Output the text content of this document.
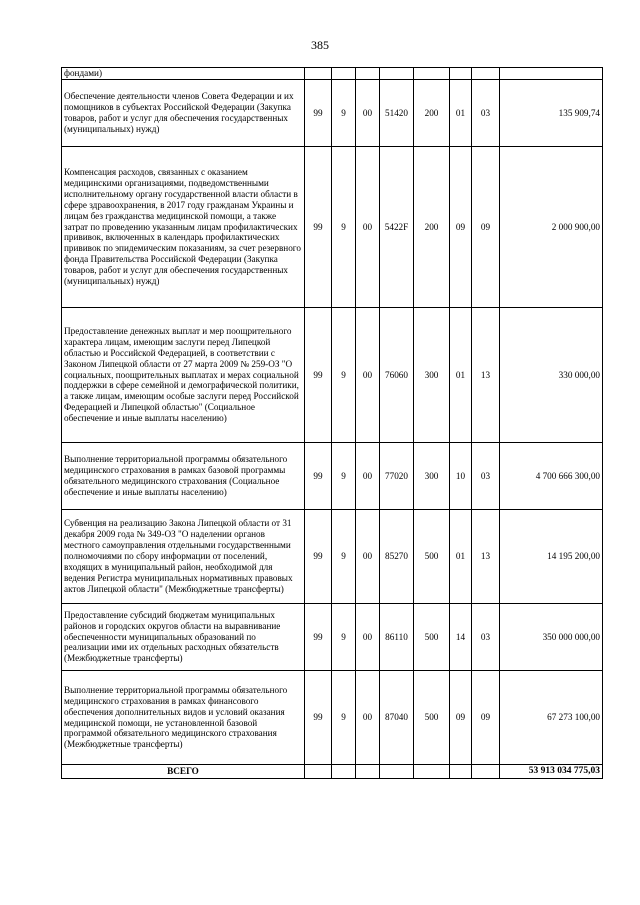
385
фондами)								
Обеспечение деятельности членов Совета Федерации и их помощников в субъектах Российской Федерации (Закупка товаров, работ и услуг для обеспечения государственных (муниципальных) нужд)	99	9	00	51420	200	01	03	135 909,74
Компенсация расходов, связанных с оказанием медицинскими организациями, подведомственными исполнительному органу государственной власти области в сфере здравоохранения, в 2017 году гражданам Украины и лицам без гражданства медицинской помощи, а также затрат по проведению указанным лицам профилактических прививок, включенных в календарь профилактических прививок по эпидемическим показаниям, за счет резервного фонда Правительства Российской Федерации (Закупка товаров, работ и услуг для обеспечения государственных (муниципальных) нужд)	99	9	00	5422F	200	09	09	2 000 900,00
Предоставление денежных выплат и мер поощрительного характера лицам, имеющим заслуги перед Липецкой областью и Российской Федерацией, в соответствии с Законом Липецкой области от 27 марта 2009 № 259-ОЗ "О социальных, поощрительных выплатах и мерах социальной поддержки в сфере семейной и демографической политики, а также лицам, имеющим особые заслуги перед Российской Федерацией и Липецкой областью" (Социальное обеспечение и иные выплаты населению)	99	9	00	76060	300	01	13	330 000,00
Выполнение территориальной программы обязательного медицинского страхования в рамках базовой программы обязательного медицинского страхования (Социальное обеспечение и иные выплаты населению)	99	9	00	77020	300	10	03	4 700 666 300,00
Субвенция на реализацию Закона Липецкой области от 31 декабря 2009 года № 349-ОЗ "О наделении органов местного самоуправления отдельными государственными полномочиями по сбору информации от поселений, входящих в муниципальный район, необходимой для ведения Регистра муниципальных нормативных правовых актов Липецкой области" (Межбюджетные трансферты)	99	9	00	85270	500	01	13	14 195 200,00
Предоставление субсидий бюджетам муниципальных районов и городских округов области на выравнивание обеспеченности муниципальных образований по реализации ими их отдельных расходных обязательств (Межбюджетные трансферты)	99	9	00	86110	500	14	03	350 000 000,00
Выполнение территориальной программы обязательного медицинского страхования в рамках финансового обеспечения дополнительных видов и условий оказания медицинской помощи, не установленной базовой программой обязательного медицинского страхования (Межбюджетные трансферты)	99	9	00	87040	500	09	09	67 273 100,00
ВСЕГО								53 913 034 775,03
